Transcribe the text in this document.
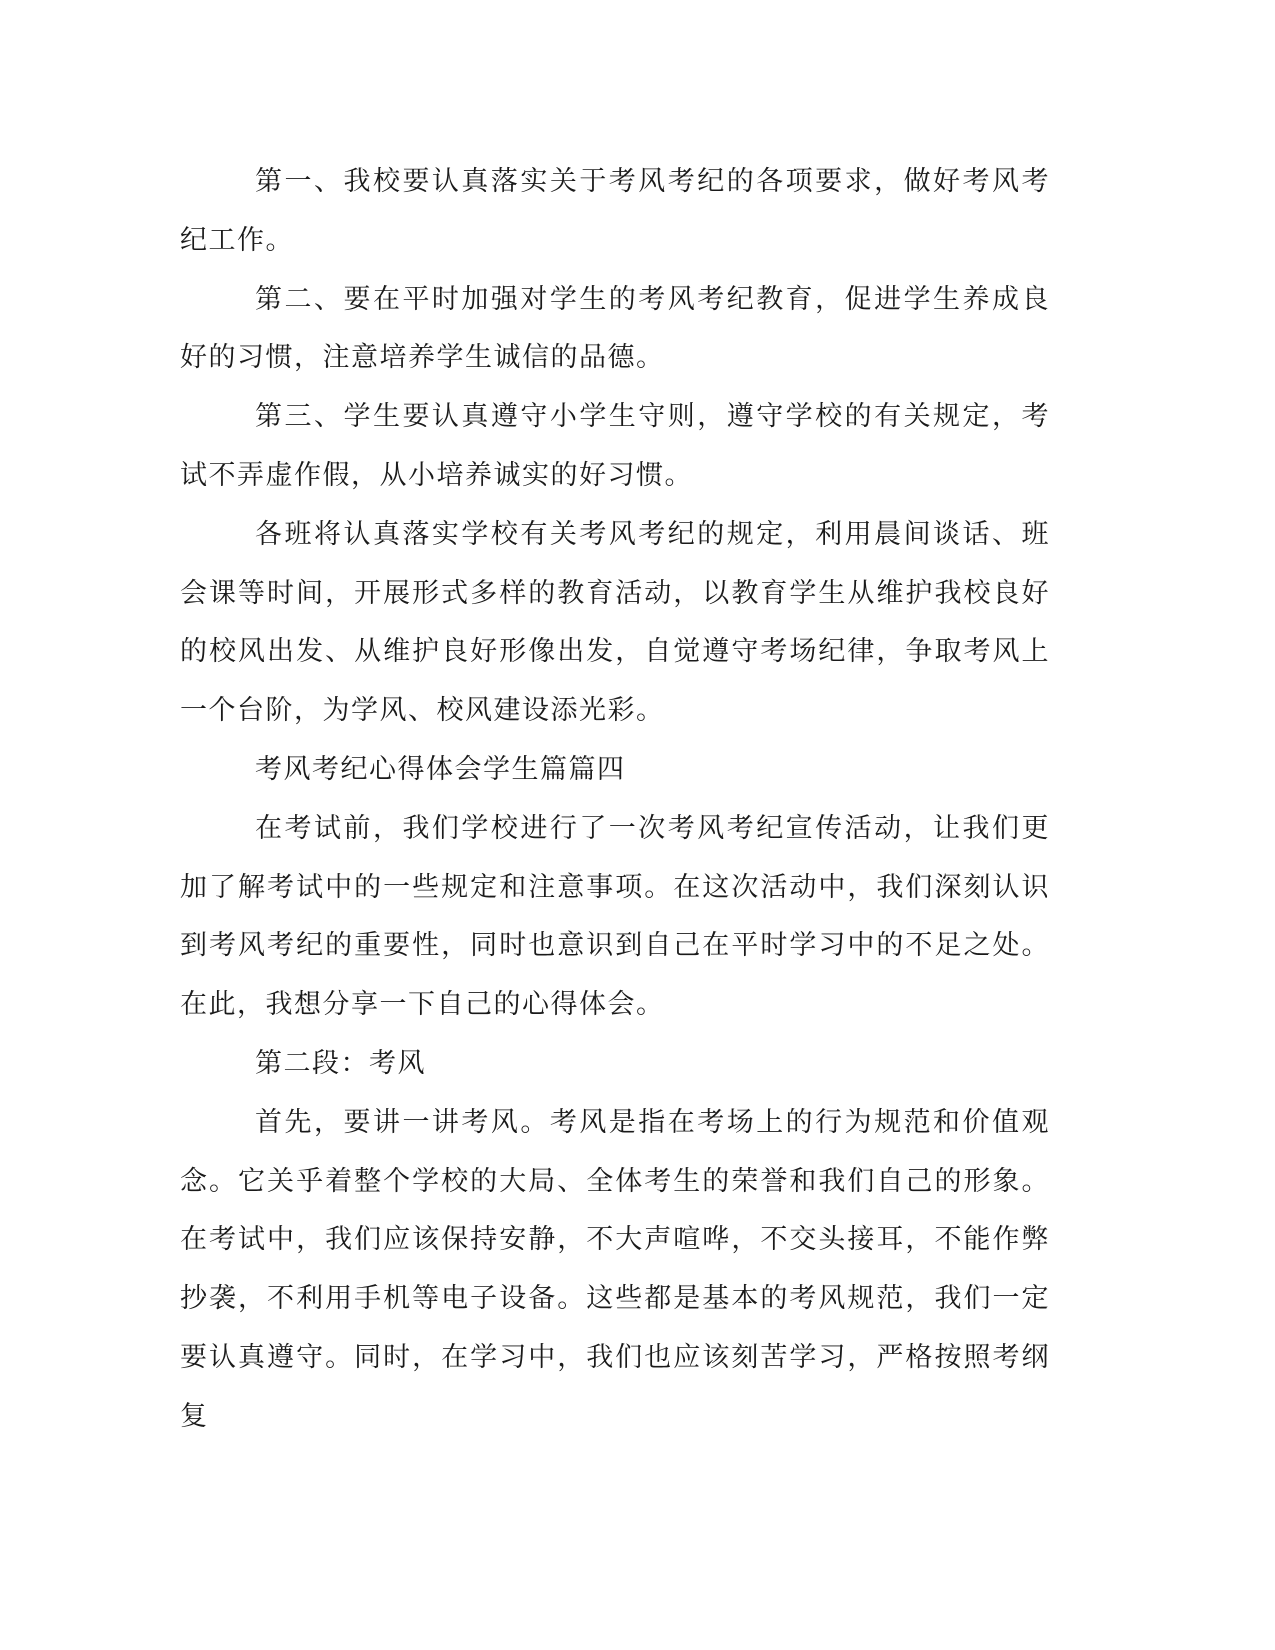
第一、我校要认真落实关于考风考纪的各项要求，做好考风考纪工作。

第二、要在平时加强对学生的考风考纪教育，促进学生养成良好的习惯，注意培养学生诚信的品德。

第三、学生要认真遵守小学生守则，遵守学校的有关规定，考试不弄虚作假，从小培养诚实的好习惯。

各班将认真落实学校有关考风考纪的规定，利用晨间谈话、班会课等时间，开展形式多样的教育活动，以教育学生从维护我校良好的校风出发、从维护良好形像出发，自觉遵守考场纪律，争取考风上一个台阶，为学风、校风建设添光彩。

考风考纪心得体会学生篇篇四

在考试前，我们学校进行了一次考风考纪宣传活动，让我们更加了解考试中的一些规定和注意事项。在这次活动中，我们深刻认识到考风考纪的重要性，同时也意识到自己在平时学习中的不足之处。在此，我想分享一下自己的心得体会。

第二段：考风

首先，要讲一讲考风。考风是指在考场上的行为规范和价值观念。它关乎着整个学校的大局、全体考生的荣誉和我们自己的形象。在考试中，我们应该保持安静，不大声喧哗，不交头接耳，不能作弊抄袭，不利用手机等电子设备。这些都是基本的考风规范，我们一定要认真遵守。同时，在学习中，我们也应该刻苦学习，严格按照考纲复
